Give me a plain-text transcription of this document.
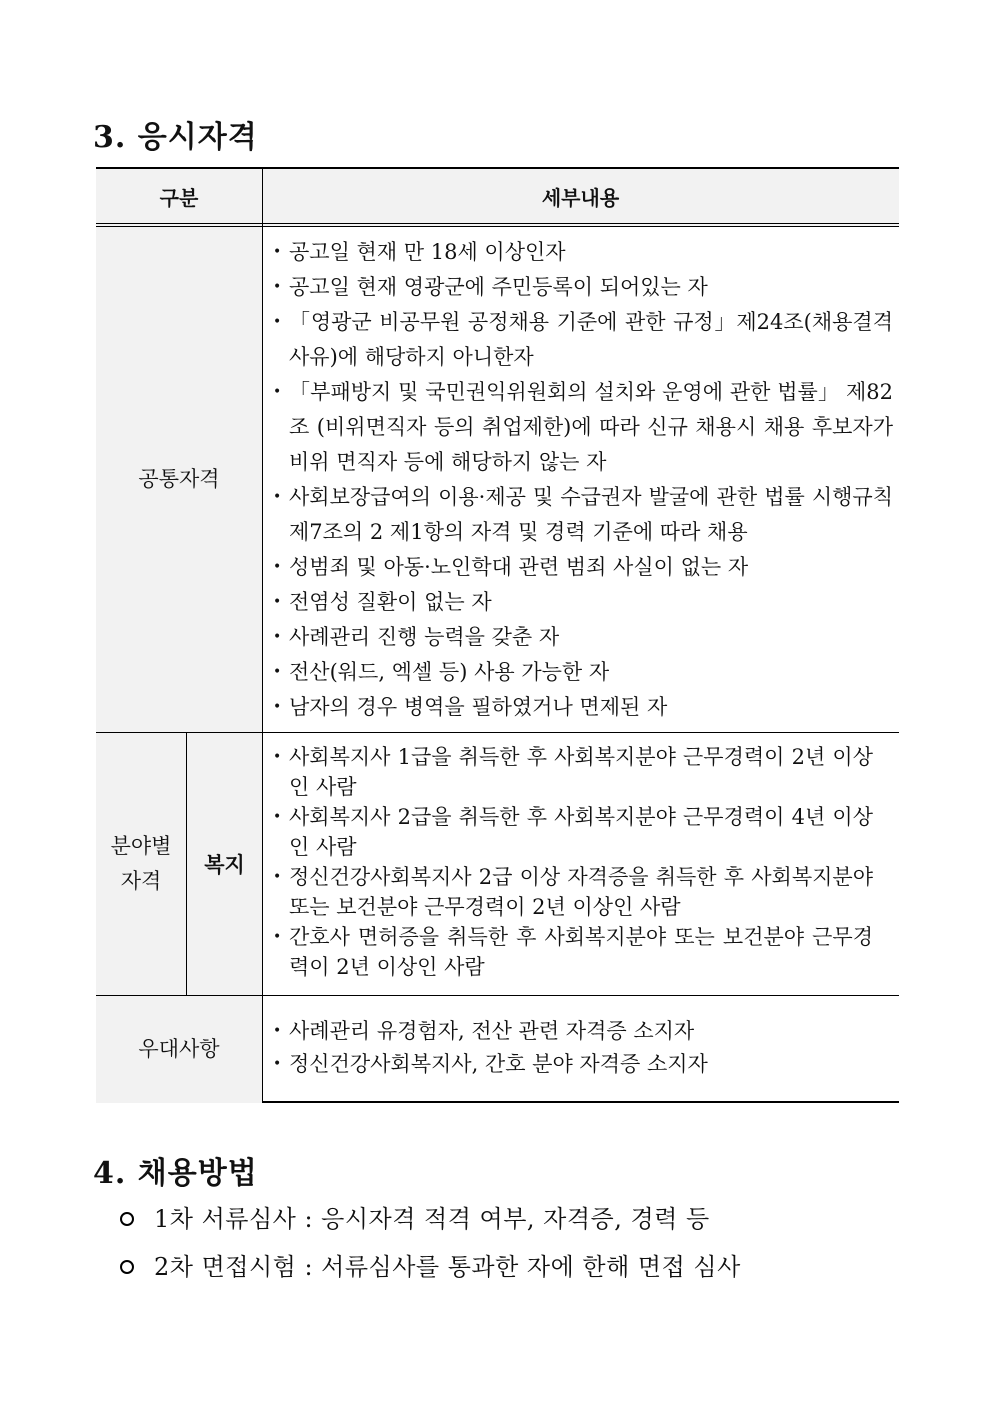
3. 응시자격
구분	세부내용
공통자격
분야별
자격
복지
우대사항
• 공고일 현재 만 18세 이상인자
• 공고일 현재 영광군에 주민등록이 되어있는 자
• 「영광군 비공무원 공정채용 기준에 관한 규정」제24조(채용결격사유)에 해당하지 아니한자
• 「부패방지 및 국민권익위원회의 설치와 운영에 관한 법률」 제82조 (비위면직자 등의 취업제한)에 따라 신규 채용시 채용 후보자가 비위 면직자 등에 해당하지 않는 자
• 사회보장급여의 이용·제공 및 수급권자 발굴에 관한 법률 시행규칙 제7조의 2 제1항의 자격 및 경력 기준에 따라 채용
• 성범죄 및 아동·노인학대 관련 범죄 사실이 없는 자
• 전염성 질환이 없는 자
• 사례관리 진행 능력을 갖춘 자
• 전산(워드, 엑셀 등) 사용 가능한 자
• 남자의 경우 병역을 필하였거나 면제된 자
• 사회복지사 1급을 취득한 후 사회복지분야 근무경력이 2년 이상인 사람
• 사회복지사 2급을 취득한 후 사회복지분야 근무경력이 4년 이상인 사람
• 정신건강사회복지사 2급 이상 자격증을 취득한 후 사회복지분야 또는 보건분야 근무경력이 2년 이상인 사람
• 간호사 면허증을 취득한 후 사회복지분야 또는 보건분야 근무경력이 2년 이상인 사람
• 사례관리 유경험자, 전산 관련 자격증 소지자
• 정신건강사회복지사, 간호 분야 자격증 소지자
4. 채용방법
1차 서류심사 : 응시자격 적격 여부, 자격증, 경력 등
2차 면접시험 : 서류심사를 통과한 자에 한해 면접 심사
